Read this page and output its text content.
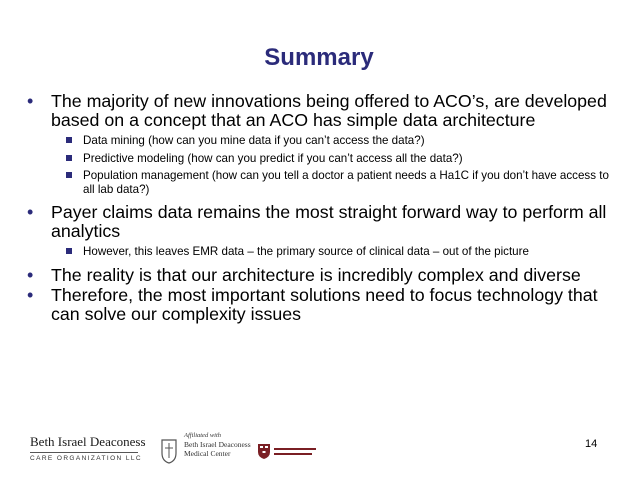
Summary
• The majority of new innovations being offered to ACO’s, are developed based on a concept that an ACO has simple data architecture
Data mining (how can you mine data if you can’t access the data?)
Predictive modeling (how can you predict if you can’t access all the data?)
Population management (how can you tell a doctor a patient needs a Ha1C if you don’t have access to all lab data?)
• Payer claims data remains the most straight forward way to perform all analytics
However, this leaves EMR data – the primary source of clinical data – out of the picture
• The reality is that our architecture is incredibly complex and diverse
• Therefore, the most important solutions need to focus technology that can solve our complexity issues
Beth Israel Deaconess
CARE ORGANIZATION LLC
Affiliated with
Beth Israel Deaconess Medical Center
14
